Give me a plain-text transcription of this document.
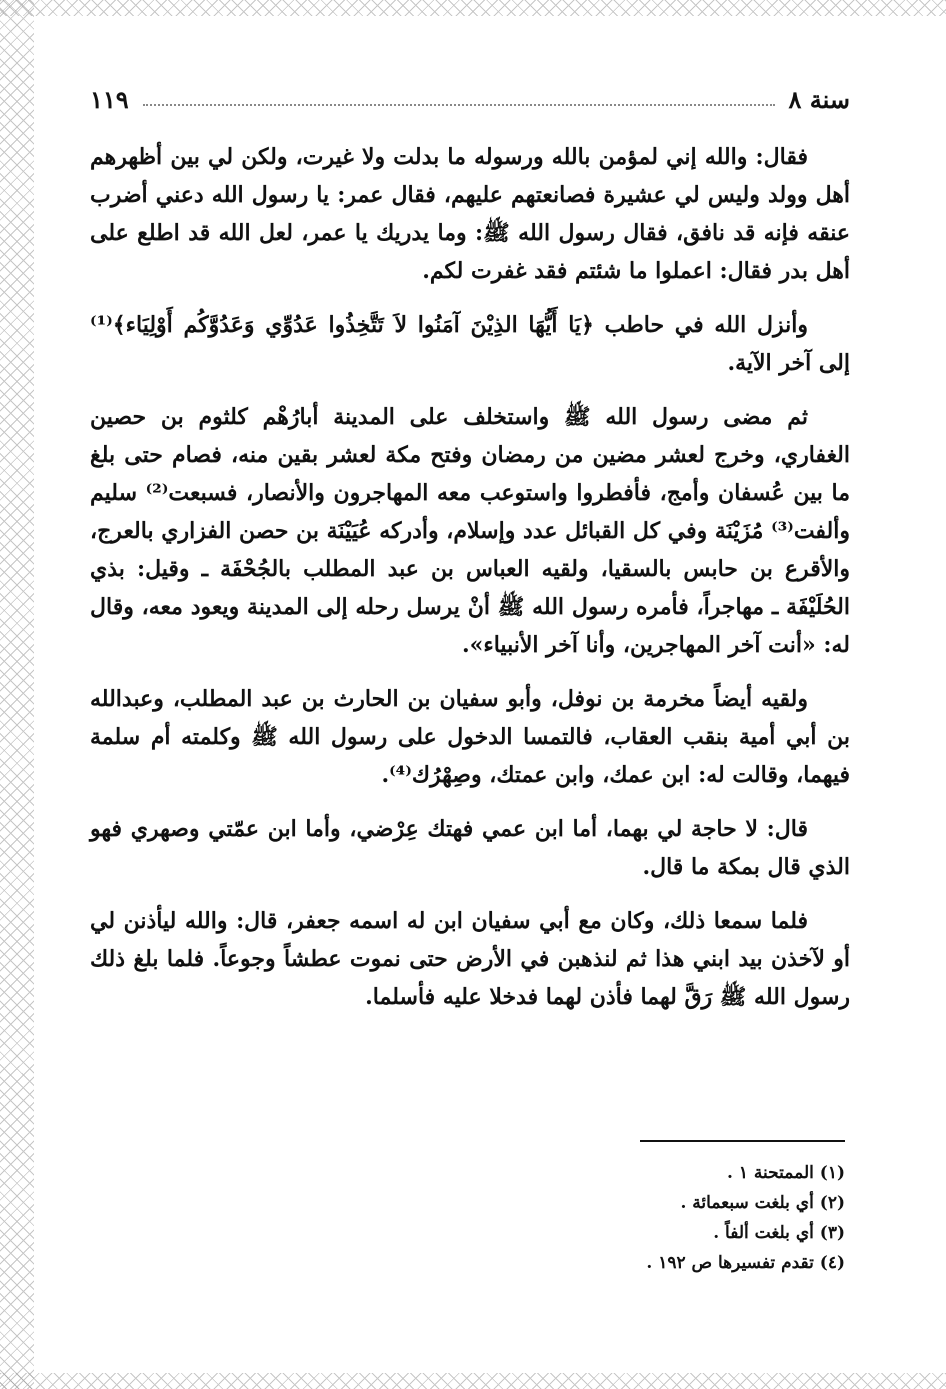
سنة ٨
١١٩

فقال: والله إني لمؤمن بالله ورسوله ما بدلت ولا غيرت، ولكن لي بين أظهرهم أهل وولد وليس لي عشيرة فصانعتهم عليهم، فقال عمر: يا رسول الله دعني أضرب عنقه فإنه قد نافق، فقال رسول الله ﷺ: وما يدريك يا عمر، لعل الله قد اطلع على أهل بدر فقال: اعملوا ما شئتم فقد غفرت لكم.

وأنزل الله في حاطب ﴿يَا أَيُّهَا الذِيْنَ آمَنُوا لاَ تَتَّخِذُوا عَدُوِّي وَعَدُوَّكُم أَوْلِيَاء﴾⁽¹⁾ إلى آخر الآية.

ثم مضى رسول الله ﷺ واستخلف على المدينة أبارُهْم كلثوم بن حصين الغفاري، وخرج لعشر مضين من رمضان وفتح مكة لعشر بقين منه، فصام حتى بلغ ما بين عُسفان وأمج، فأفطروا واستوعب معه المهاجرون والأنصار، فسبعت⁽²⁾ سليم وألفت⁽³⁾ مُزَيْنَة وفي كل القبائل عدد وإسلام، وأدركه عُيَيْنَة بن حصن الفزاري بالعرج، والأقرع بن حابس بالسقيا، ولقيه العباس بن عبد المطلب بالجُحْفَة ـ وقيل: بذي الحُلَيْفَة ـ مهاجراً، فأمره رسول الله ﷺ أنْ يرسل رحله إلى المدينة ويعود معه، وقال له: «أنت آخر المهاجرين، وأنا آخر الأنبياء».

ولقيه أيضاً مخرمة بن نوفل، وأبو سفيان بن الحارث بن عبد المطلب، وعبدالله بن أبي أمية بنقب العقاب، فالتمسا الدخول على رسول الله ﷺ وكلمته أم سلمة فيهما، وقالت له: ابن عمك، وابن عمتك، وصِهْرُك⁽⁴⁾.

قال: لا حاجة لي بهما، أما ابن عمي فهتك عِرْضي، وأما ابن عمّتي وصهري فهو الذي قال بمكة ما قال.

فلما سمعا ذلك، وكان مع أبي سفيان ابن له اسمه جعفر، قال: والله ليأذنن لي أو لآخذن بيد ابني هذا ثم لنذهبن في الأرض حتى نموت عطشاً وجوعاً. فلما بلغ ذلك رسول الله ﷺ رَقَّ لهما فأذن لهما فدخلا عليه فأسلما.

(١) الممتحنة ١ .
(٢) أي بلغت سبعمائة .
(٣) أي بلغت ألفاً .
(٤) تقدم تفسيرها ص ١٩٢ .
